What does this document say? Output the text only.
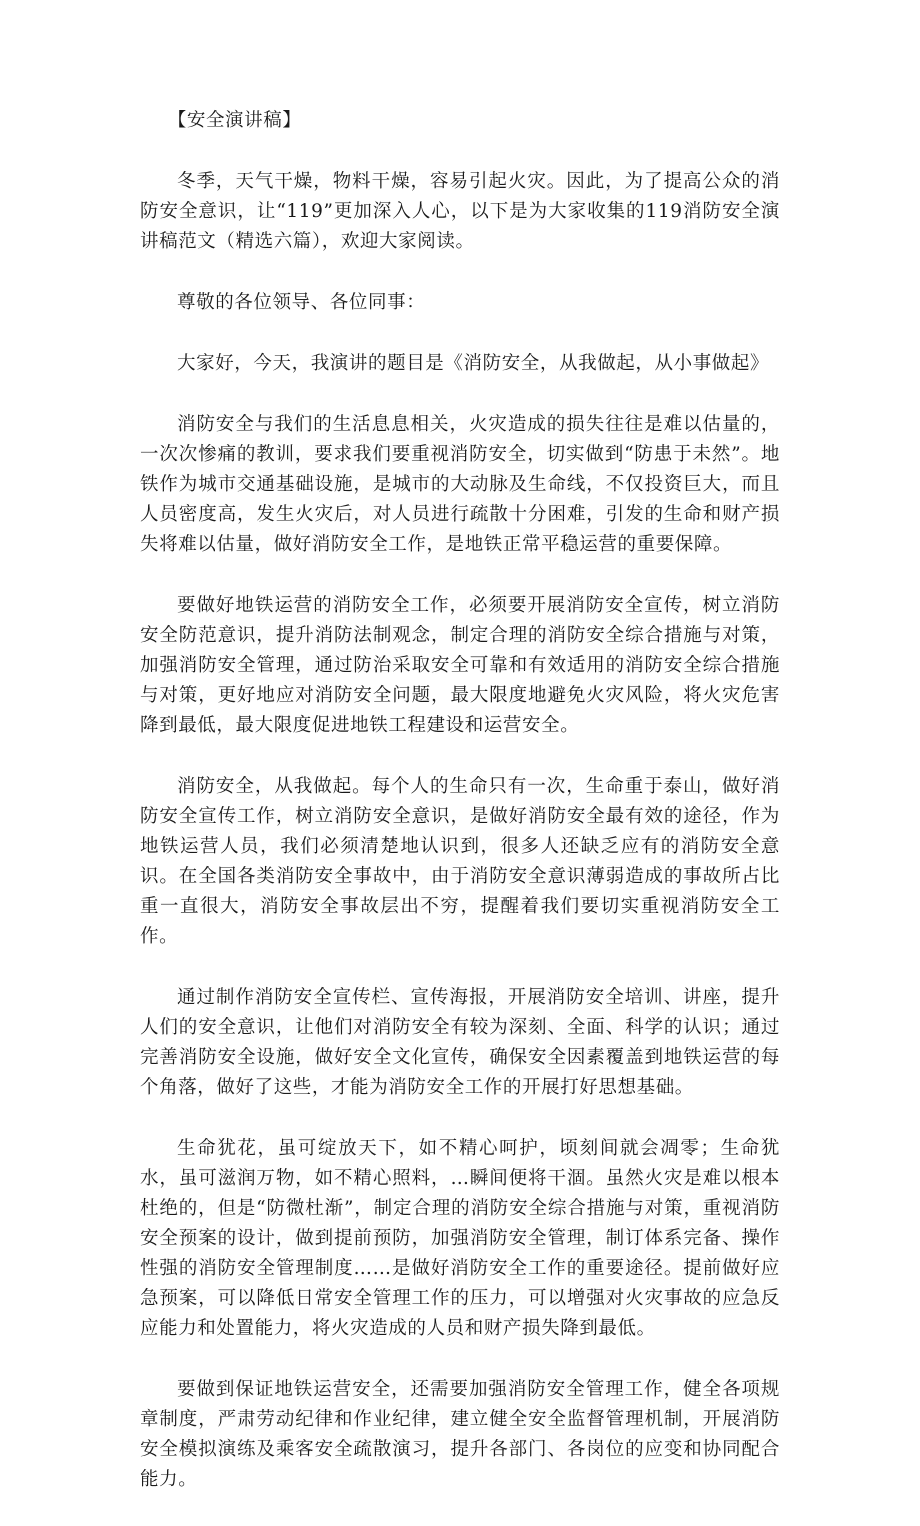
【安全演讲稿】

冬季，天气干燥，物料干燥，容易引起火灾。因此，为了提高公众的消防安全意识，让“119”更加深入人心，以下是为大家收集的119消防安全演讲稿范文（精选六篇），欢迎大家阅读。

尊敬的各位领导、各位同事：

大家好，今天，我演讲的题目是《消防安全，从我做起，从小事做起》

消防安全与我们的生活息息相关，火灾造成的损失往往是难以估量的，一次次惨痛的教训，要求我们要重视消防安全，切实做到“防患于未然”。地铁作为城市交通基础设施，是城市的大动脉及生命线，不仅投资巨大，而且人员密度高，发生火灾后，对人员进行疏散十分困难，引发的生命和财产损失将难以估量，做好消防安全工作，是地铁正常平稳运营的重要保障。

要做好地铁运营的消防安全工作，必须要开展消防安全宣传，树立消防安全防范意识，提升消防法制观念，制定合理的消防安全综合措施与对策，加强消防安全管理，通过防治采取安全可靠和有效适用的消防安全综合措施与对策，更好地应对消防安全问题，最大限度地避免火灾风险，将火灾危害降到最低，最大限度促进地铁工程建设和运营安全。

消防安全，从我做起。每个人的生命只有一次，生命重于泰山，做好消防安全宣传工作，树立消防安全意识，是做好消防安全最有效的途径，作为地铁运营人员，我们必须清楚地认识到，很多人还缺乏应有的消防安全意识。在全国各类消防安全事故中，由于消防安全意识薄弱造成的事故所占比重一直很大，消防安全事故层出不穷，提醒着我们要切实重视消防安全工作。

通过制作消防安全宣传栏、宣传海报，开展消防安全培训、讲座，提升人们的安全意识，让他们对消防安全有较为深刻、全面、科学的认识；通过完善消防安全设施，做好安全文化宣传，确保安全因素覆盖到地铁运营的每个角落，做好了这些，才能为消防安全工作的开展打好思想基础。

生命犹花，虽可绽放天下，如不精心呵护，顷刻间就会凋零；生命犹水，虽可滋润万物，如不精心照料，…瞬间便将干涸。虽然火灾是难以根本杜绝的，但是“防微杜渐”，制定合理的消防安全综合措施与对策，重视消防安全预案的设计，做到提前预防，加强消防安全管理，制订体系完备、操作性强的消防安全管理制度……是做好消防安全工作的重要途径。提前做好应急预案，可以降低日常安全管理工作的压力，可以增强对火灾事故的应急反应能力和处置能力，将火灾造成的人员和财产损失降到最低。

要做到保证地铁运营安全，还需要加强消防安全管理工作，健全各项规章制度，严肃劳动纪律和作业纪律，建立健全安全监督管理机制，开展消防安全模拟演练及乘客安全疏散演习，提升各部门、各岗位的应变和协同配合能力。
